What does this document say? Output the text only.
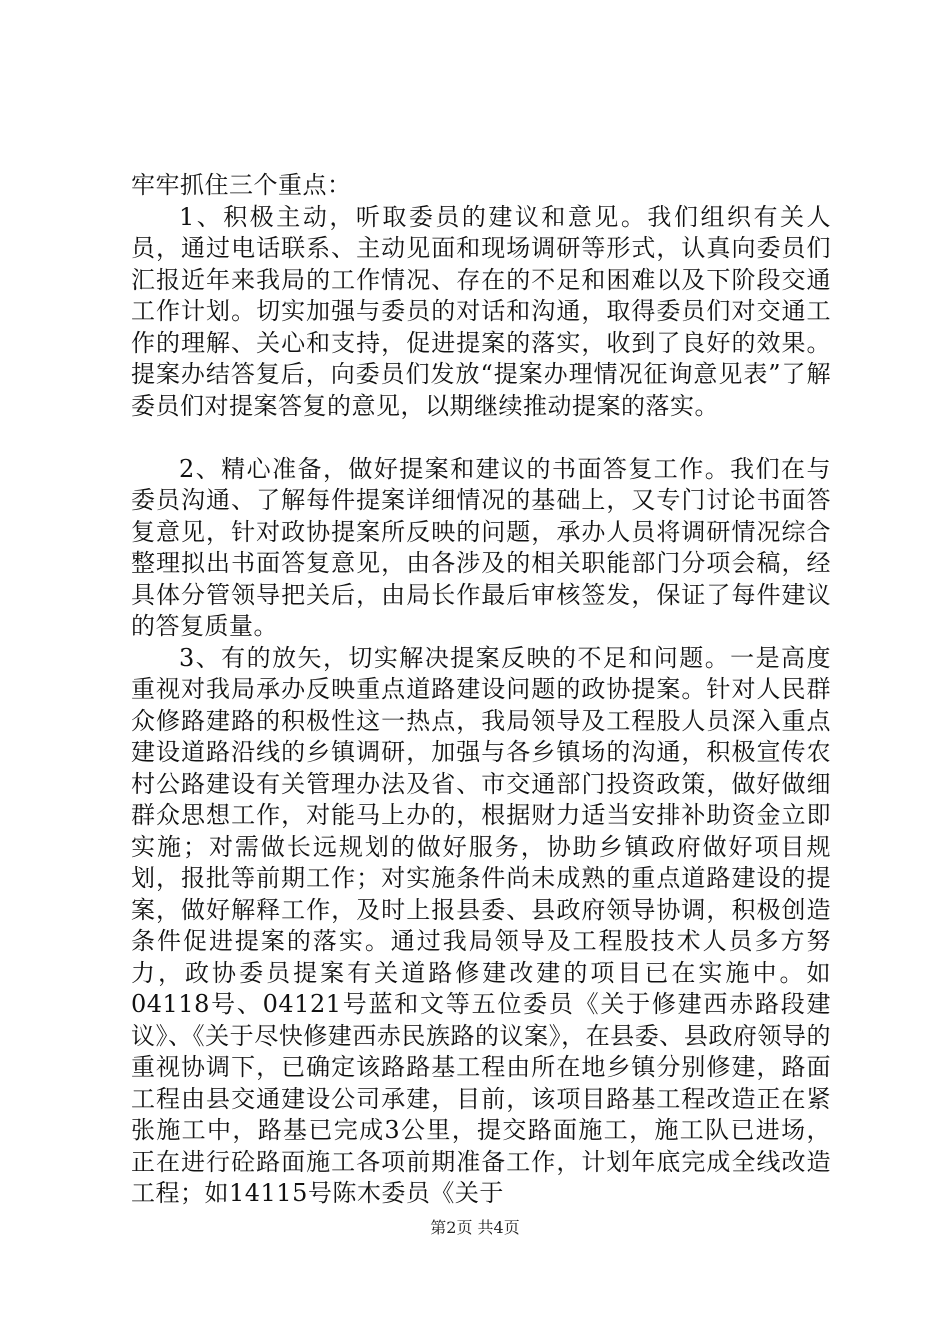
牢牢抓住三个重点：

1、积极主动，听取委员的建议和意见。我们组织有关人员，通过电话联系、主动见面和现场调研等形式，认真向委员们汇报近年来我局的工作情况、存在的不足和困难以及下阶段交通工作计划。切实加强与委员的对话和沟通，取得委员们对交通工作的理解、关心和支持，促进提案的落实，收到了良好的效果。提案办结答复后，向委员们发放“提案办理情况征询意见表”了解委员们对提案答复的意见，以期继续推动提案的落实。

2、精心准备，做好提案和建议的书面答复工作。我们在与委员沟通、了解每件提案详细情况的基础上，又专门讨论书面答复意见，针对政协提案所反映的问题，承办人员将调研情况综合整理拟出书面答复意见，由各涉及的相关职能部门分项会稿，经具体分管领导把关后，由局长作最后审核签发，保证了每件建议的答复质量。

3、有的放矢，切实解决提案反映的不足和问题。一是高度重视对我局承办反映重点道路建设问题的政协提案。针对人民群众修路建路的积极性这一热点，我局领导及工程股人员深入重点建设道路沿线的乡镇调研，加强与各乡镇场的沟通，积极宣传农村公路建设有关管理办法及省、市交通部门投资政策，做好做细群众思想工作，对能马上办的，根据财力适当安排补助资金立即实施；对需做长远规划的做好服务，协助乡镇政府做好项目规划，报批等前期工作；对实施条件尚未成熟的重点道路建设的提案，做好解释工作，及时上报县委、县政府领导协调，积极创造条件促进提案的落实。通过我局领导及工程股技术人员多方努力，政协委员提案有关道路修建改建的项目已在实施中。如04118号、04121号蓝和文等五位委员《关于修建西赤路段建议》、《关于尽快修建西赤民族路的议案》，在县委、县政府领导的重视协调下，已确定该路路基工程由所在地乡镇分别修建，路面工程由县交通建设公司承建，目前，该项目路基工程改造正在紧张施工中，路基已完成3公里，提交路面施工，施工队已进场，正在进行砼路面施工各项前期准备工作，计划年底完成全线改造工程；如14115号陈木委员《关于

第2页 共4页
